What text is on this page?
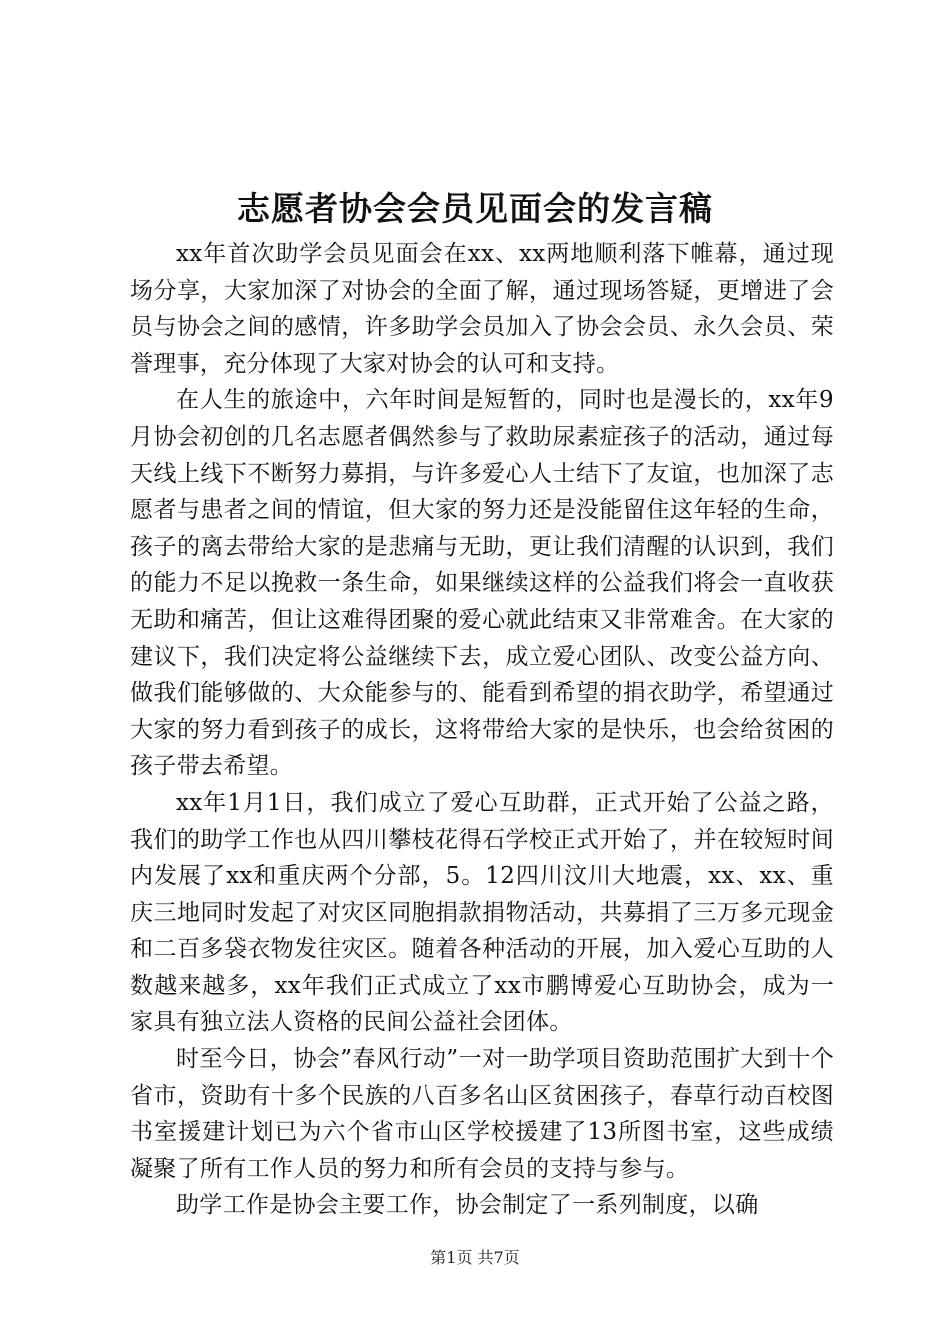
志愿者协会会员见面会的发言稿

xx年首次助学会员见面会在xx、xx两地顺利落下帷幕，通过现场分享，大家加深了对协会的全面了解，通过现场答疑，更增进了会员与协会之间的感情，许多助学会员加入了协会会员、永久会员、荣誉理事，充分体现了大家对协会的认可和支持。

在人生的旅途中，六年时间是短暂的，同时也是漫长的，xx年9月协会初创的几名志愿者偶然参与了救助尿素症孩子的活动，通过每天线上线下不断努力募捐，与许多爱心人士结下了友谊，也加深了志愿者与患者之间的情谊，但大家的努力还是没能留住这年轻的生命，孩子的离去带给大家的是悲痛与无助，更让我们清醒的认识到，我们的能力不足以挽救一条生命，如果继续这样的公益我们将会一直收获无助和痛苦，但让这难得团聚的爱心就此结束又非常难舍。在大家的建议下，我们决定将公益继续下去，成立爱心团队、改变公益方向、做我们能够做的、大众能参与的、能看到希望的捐衣助学，希望通过大家的努力看到孩子的成长，这将带给大家的是快乐，也会给贫困的孩子带去希望。

xx年1月1日，我们成立了爱心互助群，正式开始了公益之路，我们的助学工作也从四川攀枝花得石学校正式开始了，并在较短时间内发展了xx和重庆两个分部，5。12四川汶川大地震，xx、xx、重庆三地同时发起了对灾区同胞捐款捐物活动，共募捐了三万多元现金和二百多袋衣物发往灾区。随着各种活动的开展，加入爱心互助的人数越来越多，xx年我们正式成立了xx市鹏博爱心互助协会，成为一家具有独立法人资格的民间公益社会团体。

时至今日，协会”春风行动”一对一助学项目资助范围扩大到十个省市，资助有十多个民族的八百多名山区贫困孩子，春草行动百校图书室援建计划已为六个省市山区学校援建了13所图书室，这些成绩凝聚了所有工作人员的努力和所有会员的支持与参与。

助学工作是协会主要工作，协会制定了一系列制度，以确

第1页 共7页
